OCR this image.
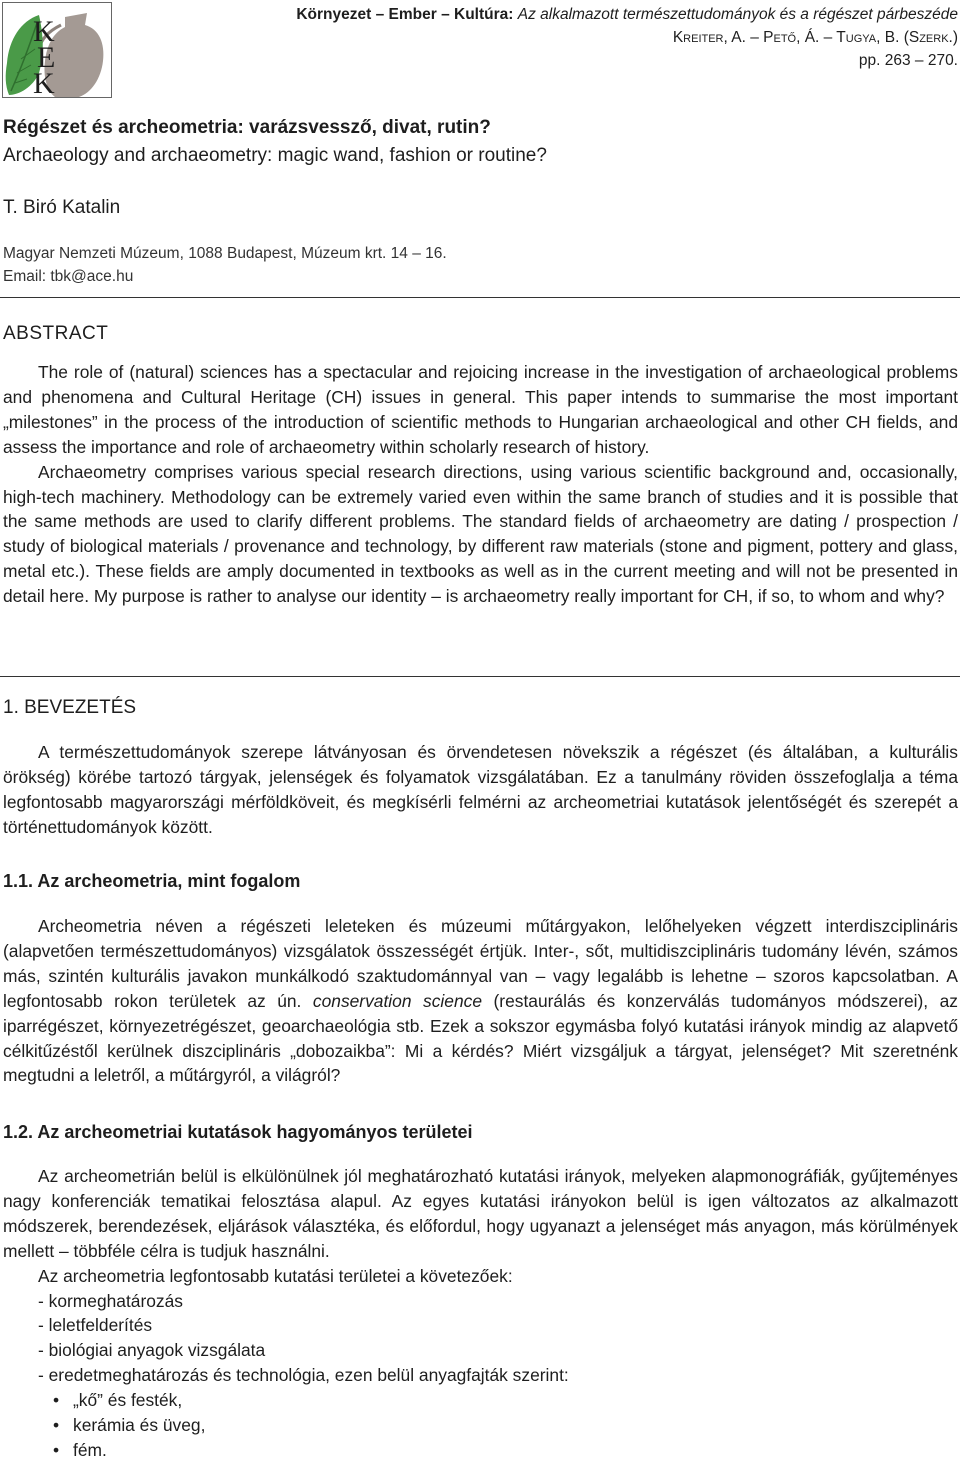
K
E
K
Környezet – Ember – Kultúra: Az alkalmazott természettudományok és a régészet párbeszéde
Kreiter, A. – Pető, Á. – Tugya, B. (Szerk.)
pp. 263 – 270.
Régészet és archeometria: varázsvessző, divat, rutin?
Archaeology and archaeometry: magic wand, fashion or routine?
T. Biró Katalin
Magyar Nemzeti Múzeum, 1088 Budapest, Múzeum krt. 14 – 16.
Email: tbk@ace.hu
ABSTRACT

The role of (natural) sciences has a spectacular and rejoicing increase in the investigation of archaeological problems and phenomena and Cultural Heritage (CH) issues in general. This paper intends to summarise the most important „milestones” in the process of the introduction of scientific methods to Hungarian archaeological and other CH fields, and assess the importance and role of archaeometry within scholarly research of history.

Archaeometry comprises various special research directions, using various scientific background and, occasionally, high-tech machinery. Methodology can be extremely varied even within the same branch of studies and it is possible that the same methods are used to clarify different problems. The standard fields of archaeometry are dating / prospection / study of biological materials / provenance and technology, by different raw materials (stone and pigment, pottery and glass, metal etc.). These fields are amply documented in textbooks as well as in the current meeting and will not be presented in detail here. My purpose is rather to analyse our identity – is archaeometry really important for CH, if so, to whom and why?

1. BEVEZETÉS

A természettudományok szerepe látványosan és örvendetesen növekszik a régészet (és általában, a kulturális örökség) körébe tartozó tárgyak, jelenségek és folyamatok vizsgálatában. Ez a tanulmány röviden összefoglalja a téma legfontosabb magyarországi mérföldköveit, és megkísérli felmérni az archeometriai kutatások jelentőségét és szerepét a történettudományok között.

1.1. Az archeometria, mint fogalom

Archeometria néven a régészeti leleteken és múzeumi műtárgyakon, lelőhelyeken végzett interdiszciplináris (alapvetően természettudományos) vizsgálatok összességét értjük. Inter-, sőt, multidiszciplináris tudomány lévén, számos más, szintén kulturális javakon munkálkodó szaktudománnyal van – vagy legalább is lehetne – szoros kapcsolatban. A legfontosabb rokon területek az ún. conservation science (restaurálás és konzerválás tudományos módszerei), az iparrégészet, környezetrégészet, geoarchaeológia stb. Ezek a sokszor egymásba folyó kutatási irányok mindig az alapvető célkitűzéstől kerülnek diszciplináris „dobozaikba”: Mi a kérdés? Miért vizsgáljuk a tárgyat, jelenséget? Mit szeretnénk megtudni a leletről, a műtárgyról, a világról?

1.2. Az archeometriai kutatások hagyományos területei

Az archeometrián belül is elkülönülnek jól meghatározható kutatási irányok, melyeken alapmonográfiák, gyűjteményes nagy konferenciák tematikai felosztása alapul. Az egyes kutatási irányokon belül is igen változatos az alkalmazott módszerek, berendezések, eljárások választéka, és előfordul, hogy ugyanazt a jelenséget más anyagon, más körülmények mellett – többféle célra is tudjuk használni.

Az archeometria legfontosabb kutatási területei a követezőek:

- kormeghatározás
- leletfelderítés
- biológiai anyagok vizsgálata
- eredetmeghatározás és technológia, ezen belül anyagfajták szerint:
• „kő” és festék,
• kerámia és üveg,
• fém.
